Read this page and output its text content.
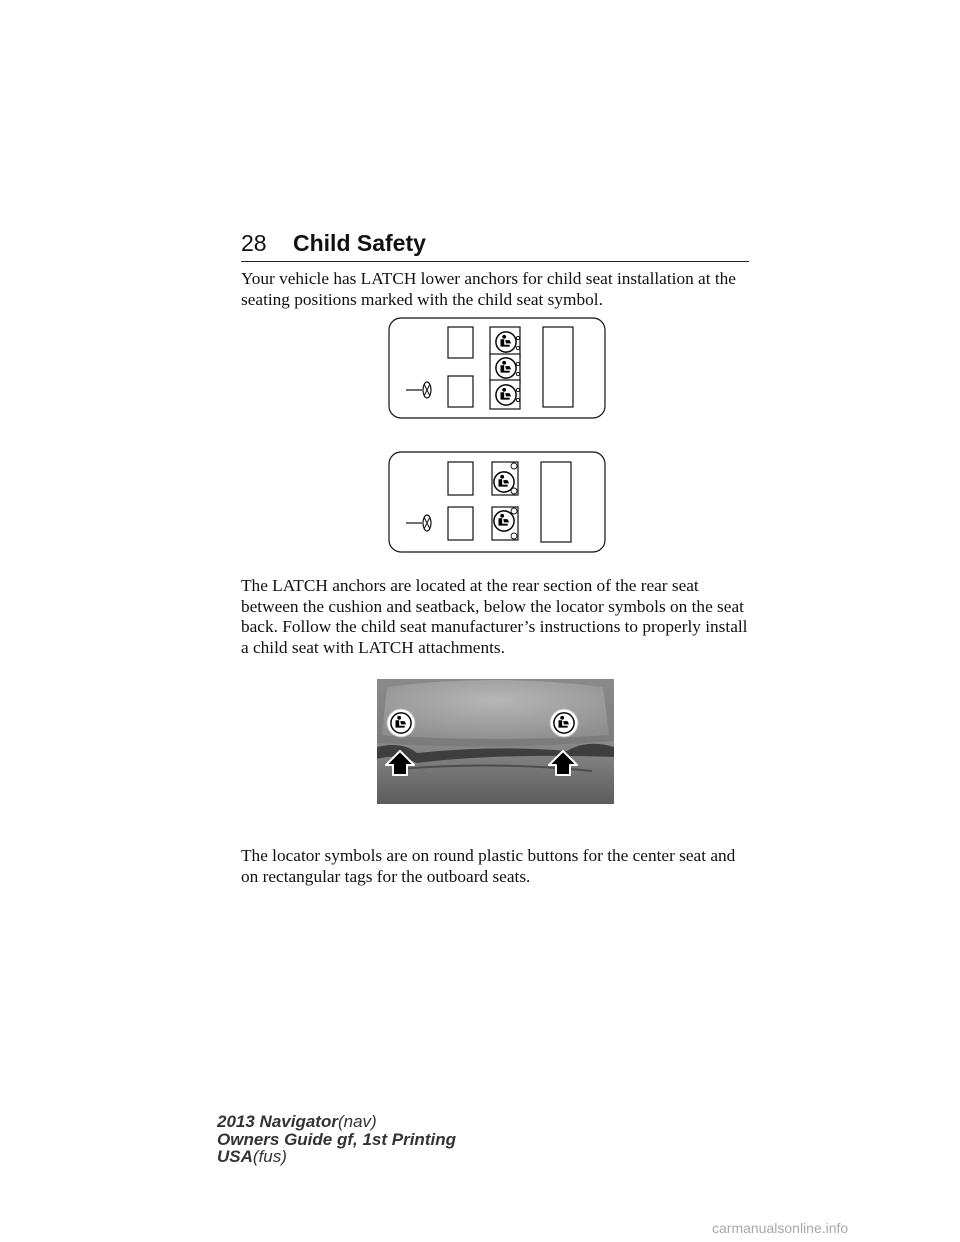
28 Child Safety

Your vehicle has LATCH lower anchors for child seat installation at the
seating positions marked with the child seat symbol.

The LATCH anchors are located at the rear section of the rear seat
between the cushion and seatback, below the locator symbols on the seat
back. Follow the child seat manufacturer’s instructions to properly install
a child seat with LATCH attachments.

The locator symbols are on round plastic buttons for the center seat and
on rectangular tags for the outboard seats.

2013 Navigator(nav)
Owners Guide gf, 1st Printing
USA(fus)
carmanualsonline.info
